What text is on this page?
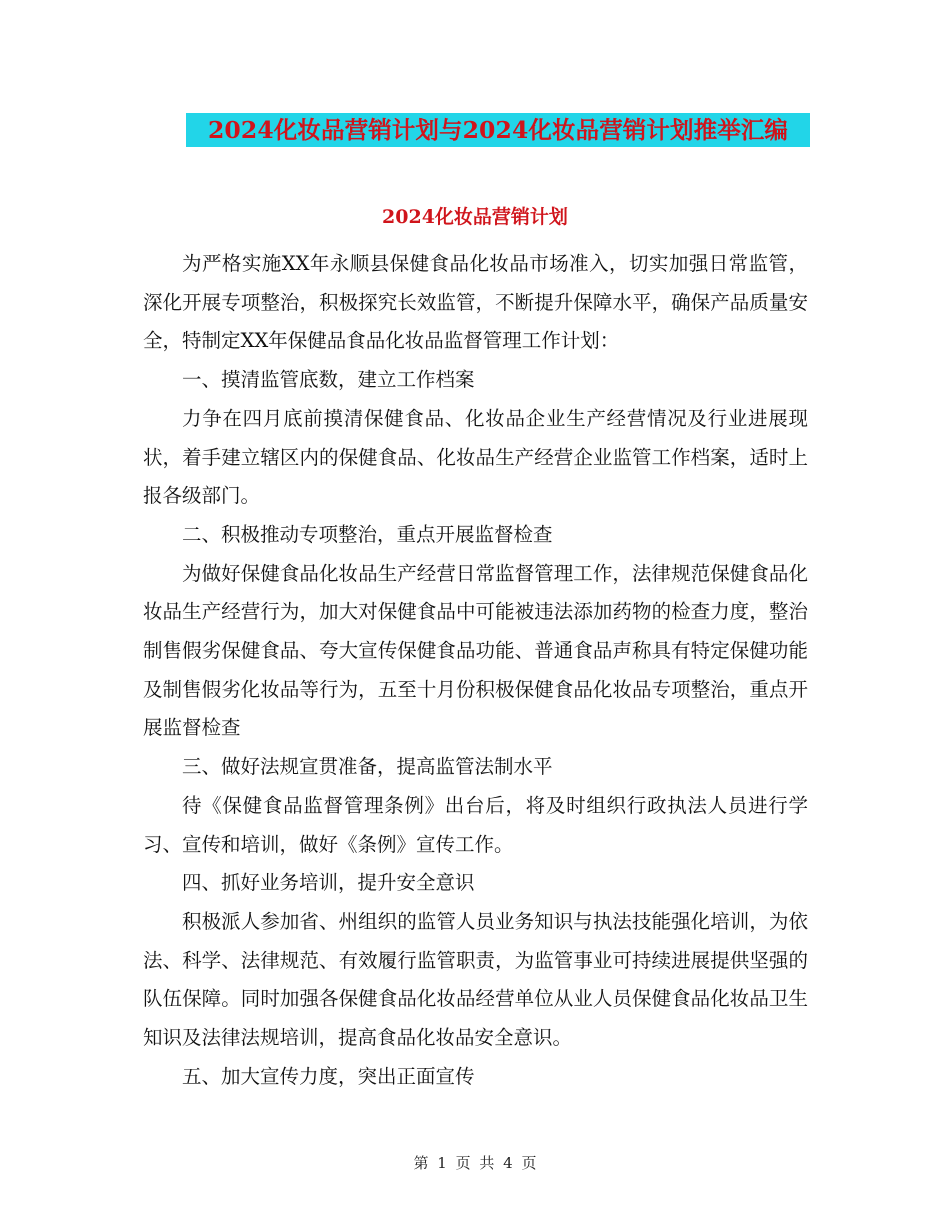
2024化妆品营销计划与2024化妆品营销计划推举汇编
2024化妆品营销计划

为严格实施XX年永顺县保健食品化妆品市场准入，切实加强日常监管，深化开展专项整治，积极探究长效监管，不断提升保障水平，确保产品质量安全，特制定XX年保健品食品化妆品监督管理工作计划：

一、摸清监管底数，建立工作档案

力争在四月底前摸清保健食品、化妆品企业生产经营情况及行业进展现状，着手建立辖区内的保健食品、化妆品生产经营企业监管工作档案，适时上报各级部门。

二、积极推动专项整治，重点开展监督检查

为做好保健食品化妆品生产经营日常监督管理工作，法律规范保健食品化妆品生产经营行为，加大对保健食品中可能被违法添加药物的检查力度，整治制售假劣保健食品、夸大宣传保健食品功能、普通食品声称具有特定保健功能及制售假劣化妆品等行为，五至十月份积极保健食品化妆品专项整治，重点开展监督检查

三、做好法规宣贯准备，提高监管法制水平

待《保健食品监督管理条例》出台后，将及时组织行政执法人员进行学习、宣传和培训，做好《条例》宣传工作。

四、抓好业务培训，提升安全意识

积极派人参加省、州组织的监管人员业务知识与执法技能强化培训，为依法、科学、法律规范、有效履行监管职责，为监管事业可持续进展提供坚强的队伍保障。同时加强各保健食品化妆品经营单位从业人员保健食品化妆品卫生知识及法律法规培训，提高食品化妆品安全意识。

五、加大宣传力度，突出正面宣传

第 1 页 共 4 页
